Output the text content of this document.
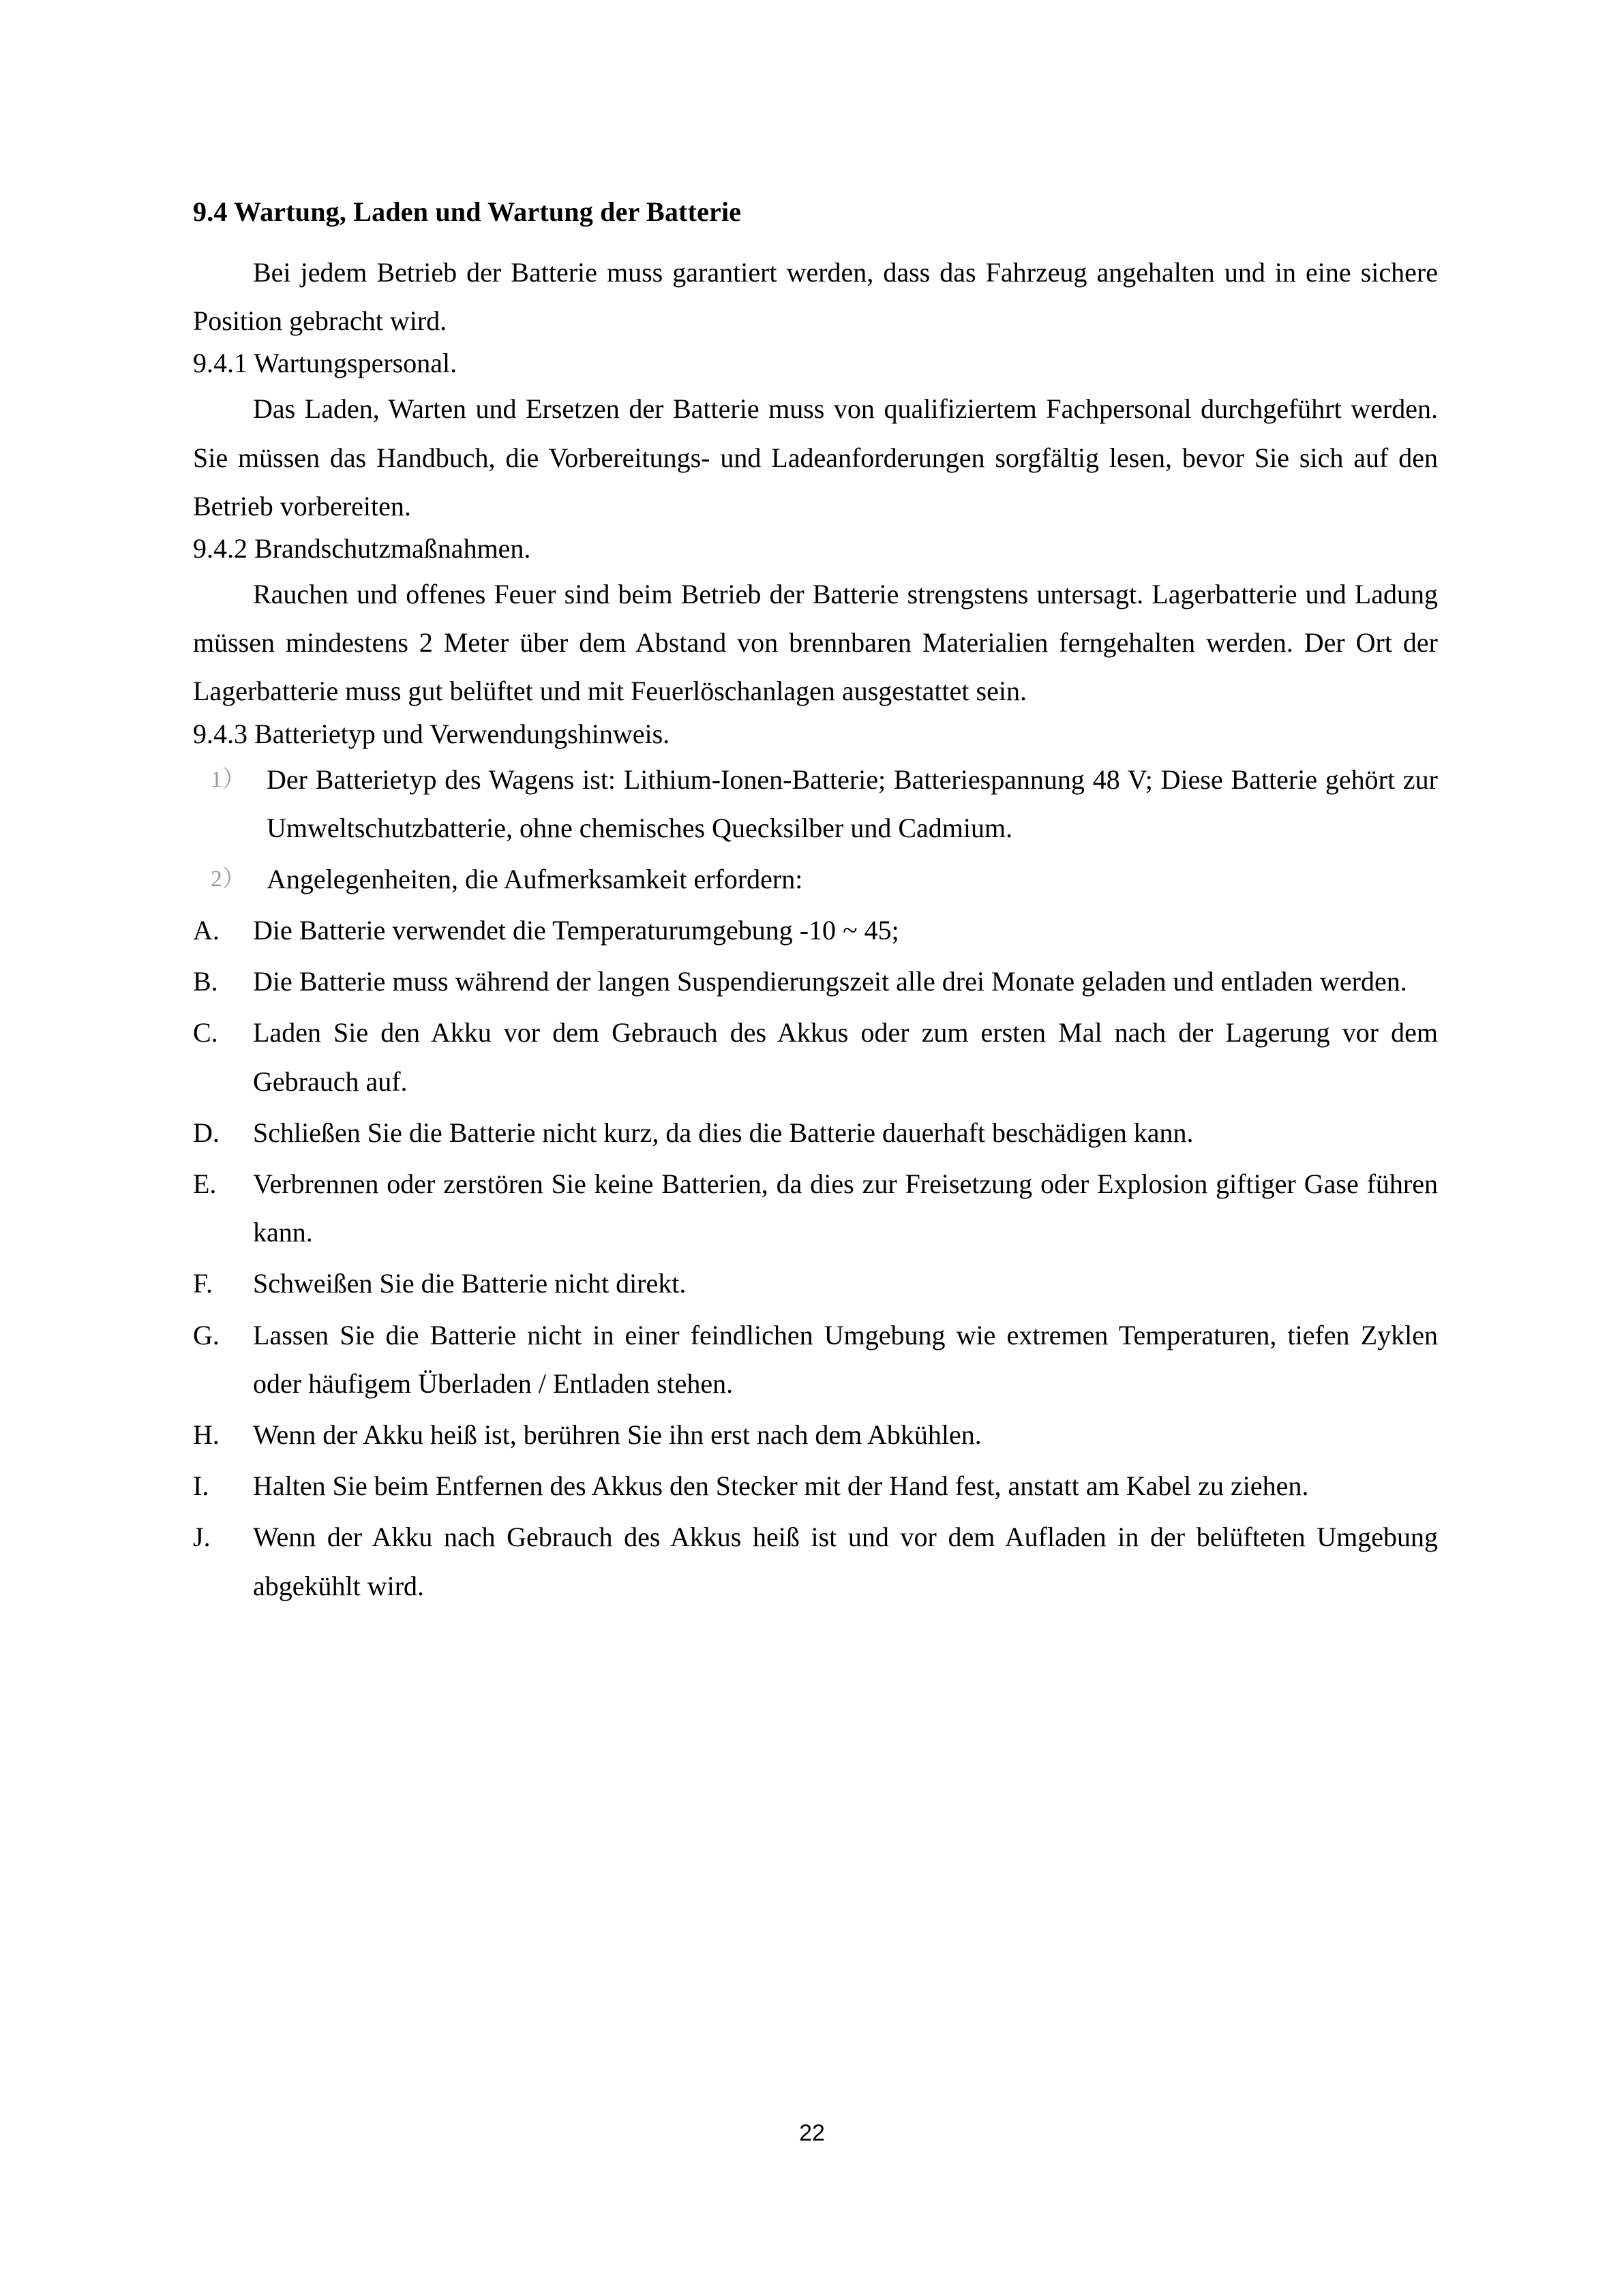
9.4 Wartung, Laden und Wartung der Batterie

Bei jedem Betrieb der Batterie muss garantiert werden, dass das Fahrzeug angehalten und in eine sichere Position gebracht wird.

9.4.1 Wartungspersonal.

Das Laden, Warten und Ersetzen der Batterie muss von qualifiziertem Fachpersonal durchgeführt werden. Sie müssen das Handbuch, die Vorbereitungs- und Ladeanforderungen sorgfältig lesen, bevor Sie sich auf den Betrieb vorbereiten.

9.4.2 Brandschutzmaßnahmen.

Rauchen und offenes Feuer sind beim Betrieb der Batterie strengstens untersagt. Lagerbatterie und Ladung müssen mindestens 2 Meter über dem Abstand von brennbaren Materialien ferngehalten werden. Der Ort der Lagerbatterie muss gut belüftet und mit Feuerlöschanlagen ausgestattet sein.

9.4.3 Batterietyp und Verwendungshinweis.
1） Der Batterietyp des Wagens ist: Lithium-Ionen-Batterie; Batteriespannung 48 V; Diese Batterie gehört zur Umweltschutzbatterie, ohne chemisches Quecksilber und Cadmium.
2） Angelegenheiten, die Aufmerksamkeit erfordern:
A.	Die Batterie verwendet die Temperaturumgebung -10 ~ 45;
B.	Die Batterie muss während der langen Suspendierungszeit alle drei Monate geladen und entladen werden.
C.	Laden Sie den Akku vor dem Gebrauch des Akkus oder zum ersten Mal nach der Lagerung vor dem Gebrauch auf.
D.	Schließen Sie die Batterie nicht kurz, da dies die Batterie dauerhaft beschädigen kann.
E.	Verbrennen oder zerstören Sie keine Batterien, da dies zur Freisetzung oder Explosion giftiger Gase führen kann.
F.	Schweißen Sie die Batterie nicht direkt.
G.	Lassen Sie die Batterie nicht in einer feindlichen Umgebung wie extremen Temperaturen, tiefen Zyklen oder häufigem Überladen / Entladen stehen.
H.	Wenn der Akku heiß ist, berühren Sie ihn erst nach dem Abkühlen.
I.	Halten Sie beim Entfernen des Akkus den Stecker mit der Hand fest, anstatt am Kabel zu ziehen.
J.	Wenn der Akku nach Gebrauch des Akkus heiß ist und vor dem Aufladen in der belüfteten Umgebung abgekühlt wird.
22
